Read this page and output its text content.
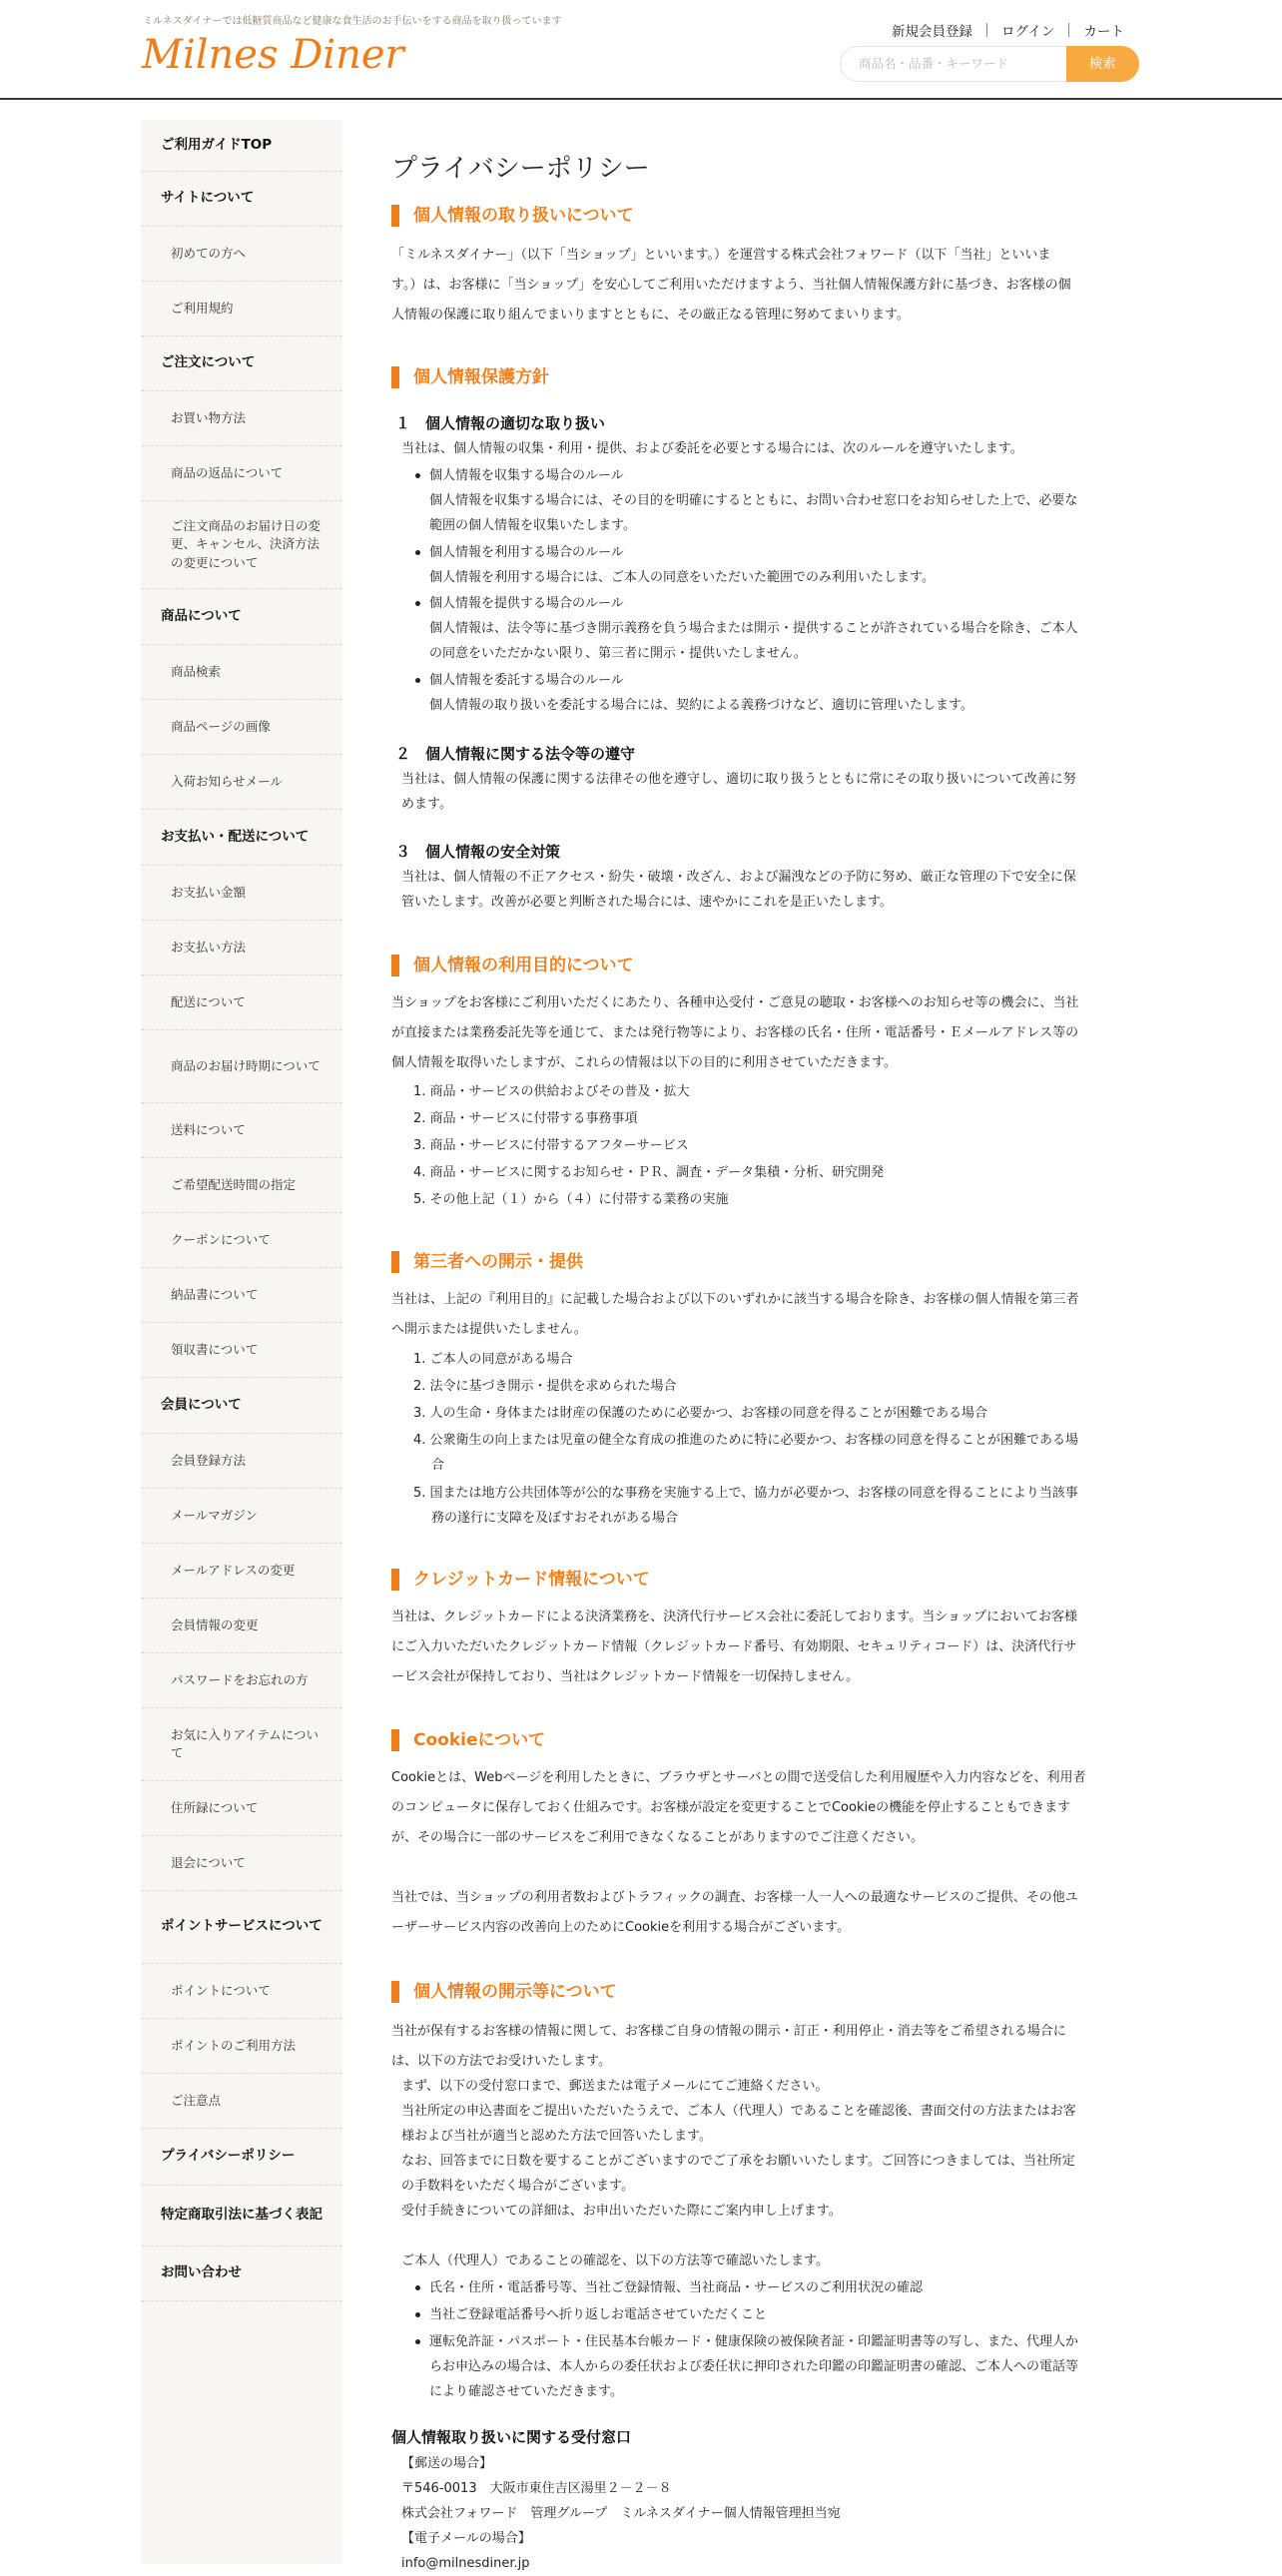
ミルネスダイナーでは低糖質商品など健康な食生活のお手伝いをする商品を取り扱っています
Milnes Diner	新規会員登録 ログイン カート
商品名・品番・キーワード	検索
ご利用ガイドTOP
サイトについて
初めての方へ
ご利用規約
ご注文について
お買い物方法
商品の返品について
ご注文商品のお届け日の変更、キャンセル、決済方法の変更について
商品について
商品検索
商品ページの画像
入荷お知らせメール
お支払い・配送について
お支払い金額
お支払い方法
配送について
商品のお届け時期について
送料について
ご希望配送時間の指定
クーポンについて
納品書について
領収書について
会員について
会員登録方法
メールマガジン
メールアドレスの変更
会員情報の変更
パスワードをお忘れの方
お気に入りアイテムについて
住所録について
退会について
ポイントサービスについて
ポイントについて
ポイントのご利用方法
ご注意点
プライバシーポリシー
特定商取引法に基づく表記
お問い合わせ
プライバシーポリシー
個人情報の取り扱いについて
「ミルネスダイナー」（以下「当ショップ」といいます。）を運営する株式会社フォワード（以下「当社」といいま
す。）は、お客様に「当ショップ」を安心してご利用いただけますよう、当社個人情報保護方針に基づき、お客様の個
人情報の保護に取り組んでまいりますとともに、その厳正なる管理に努めてまいります。
個人情報保護方針
１　個人情報の適切な取り扱い
当社は、個人情報の収集・利用・提供、および委託を必要とする場合には、次のルールを遵守いたします。
２　個人情報に関する法令等の遵守
当社は、個人情報の保護に関する法律その他を遵守し、適切に取り扱うとともに常にその取り扱いについて改善に努
めます。
３　個人情報の安全対策
当社は、個人情報の不正アクセス・紛失・破壊・改ざん、および漏洩などの予防に努め、厳正な管理の下で安全に保
管いたします。改善が必要と判断された場合には、速やかにこれを是正いたします。
個人情報の利用目的について
当ショップをお客様にご利用いただくにあたり、各種申込受付・ご意見の聴取・お客様へのお知らせ等の機会に、当社
が直接または業務委託先等を通じて、または発行物等により、お客様の氏名・住所・電話番号・Ｅメールアドレス等の
個人情報を取得いたしますが、これらの情報は以下の目的に利用させていただきます。
第三者への開示・提供
当社は、上記の『利用目的』に記載した場合および以下のいずれかに該当する場合を除き、お客様の個人情報を第三者
へ開示または提供いたしません。
クレジットカード情報について
当社は、クレジットカードによる決済業務を、決済代行サービス会社に委託しております。当ショップにおいてお客様
にご入力いただいたクレジットカード情報（クレジットカード番号、有効期限、セキュリティコード）は、決済代行サ
ービス会社が保持しており、当社はクレジットカード情報を一切保持しません。
Cookieについて
Cookieとは、Webページを利用したときに、ブラウザとサーバとの間で送受信した利用履歴や入力内容などを、利用者
のコンピュータに保存しておく仕組みです。お客様が設定を変更することでCookieの機能を停止することもできます
が、その場合に一部のサービスをご利用できなくなることがありますのでご注意ください。
当社では、当ショップの利用者数およびトラフィックの調査、お客様一人一人への最適なサービスのご提供、その他ユ
ーザーサービス内容の改善向上のためにCookieを利用する場合がございます。
個人情報の開示等について
当社が保有するお客様の情報に関して、お客様ご自身の情報の開示・訂正・利用停止・消去等をご希望される場合に
は、以下の方法でお受けいたします。
まず、以下の受付窓口まで、郵送または電子メールにてご連絡ください。
当社所定の申込書面をご提出いただいたうえで、ご本人（代理人）であることを確認後、書面交付の方法またはお客
様および当社が適当と認めた方法で回答いたします。
なお、回答までに日数を要することがございますのでご了承をお願いいたします。ご回答につきましては、当社所定
の手数料をいただく場合がございます。
受付手続きについての詳細は、お申出いただいた際にご案内申し上げます。
ご本人（代理人）であることの確認を、以下の方法等で確認いたします。
個人情報取り扱いに関する受付窓口
【郵送の場合】
〒546-0013　大阪市東住吉区湯里２－２－８
株式会社フォワード　管理グループ　ミルネスダイナー個人情報管理担当宛
【電子メールの場合】
info@milnesdiner.jp
個人情報を収集する場合のルール
個人情報を収集する場合には、その目的を明確にするとともに、お問い合わせ窓口をお知らせした上で、必要な
範囲の個人情報を収集いたします。
個人情報を利用する場合のルール
個人情報を利用する場合には、ご本人の同意をいただいた範囲でのみ利用いたします。
個人情報を提供する場合のルール
個人情報は、法令等に基づき開示義務を負う場合または開示・提供することが許されている場合を除き、ご本人
の同意をいただかない限り、第三者に開示・提供いたしません。
個人情報を委託する場合のルール
個人情報の取り扱いを委託する場合には、契約による義務づけなど、適切に管理いたします。
1. 商品・サービスの供給およびその普及・拡大
2. 商品・サービスに付帯する事務事項
3. 商品・サービスに付帯するアフターサービス
4. 商品・サービスに関するお知らせ・ＰＲ、調査・データ集積・分析、研究開発
5. その他上記（１）から（４）に付帯する業務の実施
1. ご本人の同意がある場合
2. 法令に基づき開示・提供を求められた場合
3. 人の生命・身体または財産の保護のために必要かつ、お客様の同意を得ることが困難である場合
4. 公衆衛生の向上または児童の健全な育成の推進のために特に必要かつ、お客様の同意を得ることが困難である場
合
5. 国または地方公共団体等が公的な事務を実施する上で、協力が必要かつ、お客様の同意を得ることにより当該事
務の遂行に支障を及ぼすおそれがある場合
氏名・住所・電話番号等、当社ご登録情報、当社商品・サービスのご利用状況の確認
当社ご登録電話番号へ折り返しお電話させていただくこと
運転免許証・パスポート・住民基本台帳カード・健康保険の被保険者証・印鑑証明書等の写し、また、代理人か
らお申込みの場合は、本人からの委任状および委任状に押印された印鑑の印鑑証明書の確認、ご本人への電話等
により確認させていただきます。
